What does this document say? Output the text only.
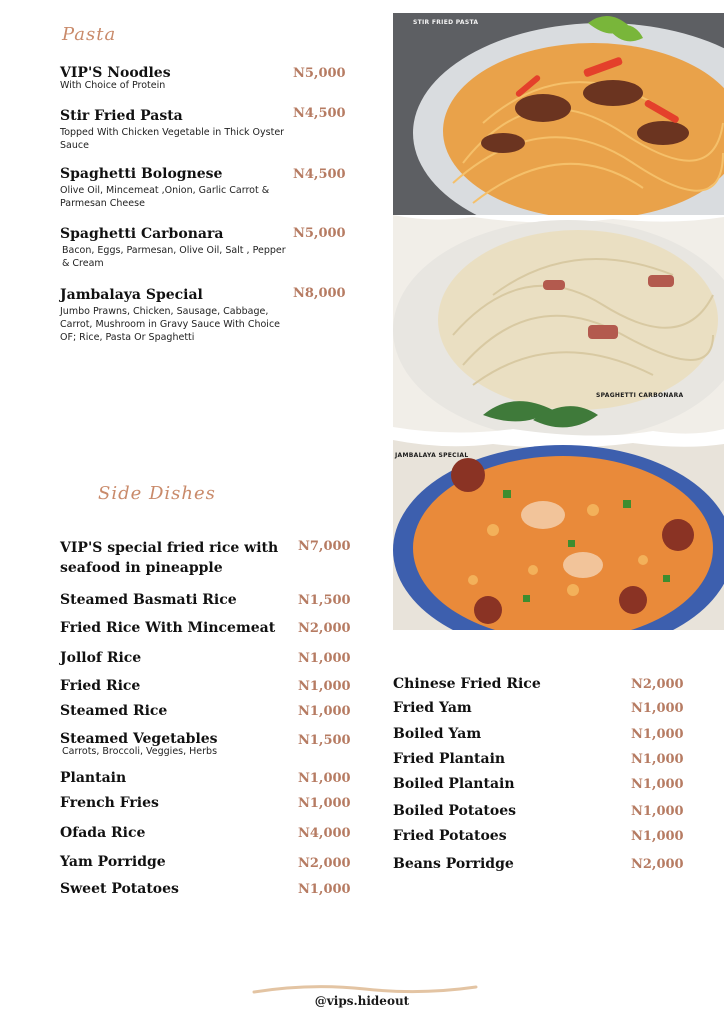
Pasta
VIP'S Noodles
With Choice of Protein
N5,000
Stir Fried Pasta
Topped With Chicken Vegetable in Thick Oyster Sauce
N4,500
Spaghetti Bolognese
Olive Oil, Mincemeat ,Onion, Garlic Carrot & Parmesan Cheese
N4,500
Spaghetti Carbonara
Bacon, Eggs, Parmesan, Olive Oil, Salt , Pepper & Cream
N5,000
Jambalaya Special
Jumbo Prawns, Chicken, Sausage, Cabbage, Carrot, Mushroom in Gravy Sauce With Choice OF; Rice, Pasta Or Spaghetti
N8,000
STIR FRIED PASTA
SPAGHETTI CARBONARA
JAMBALAYA SPECIAL
Side Dishes
VIP'S special fried rice with seafood in pineapple
N7,000
Steamed Basmati Rice	N1,500
Fried Rice With Mincemeat N2,000
Jollof Rice	N1,000
Fried Rice	N1,000
Steamed Rice	N1,000
Steamed Vegetables
Carrots, Broccoli, Veggies, Herbs
N1,500
Plantain	N1,000
French Fries	N1,000
Ofada Rice	N4,000
Yam Porridge	N2,000
Sweet Potatoes	N1,000
Chinese Fried Rice	N2,000
Fried Yam	N1,000
Boiled Yam	N1,000
Fried Plantain	N1,000
Boiled Plantain	N1,000
Boiled Potatoes	N1,000
Fried Potatoes	N1,000
Beans Porridge	N2,000
@vips.hideout
